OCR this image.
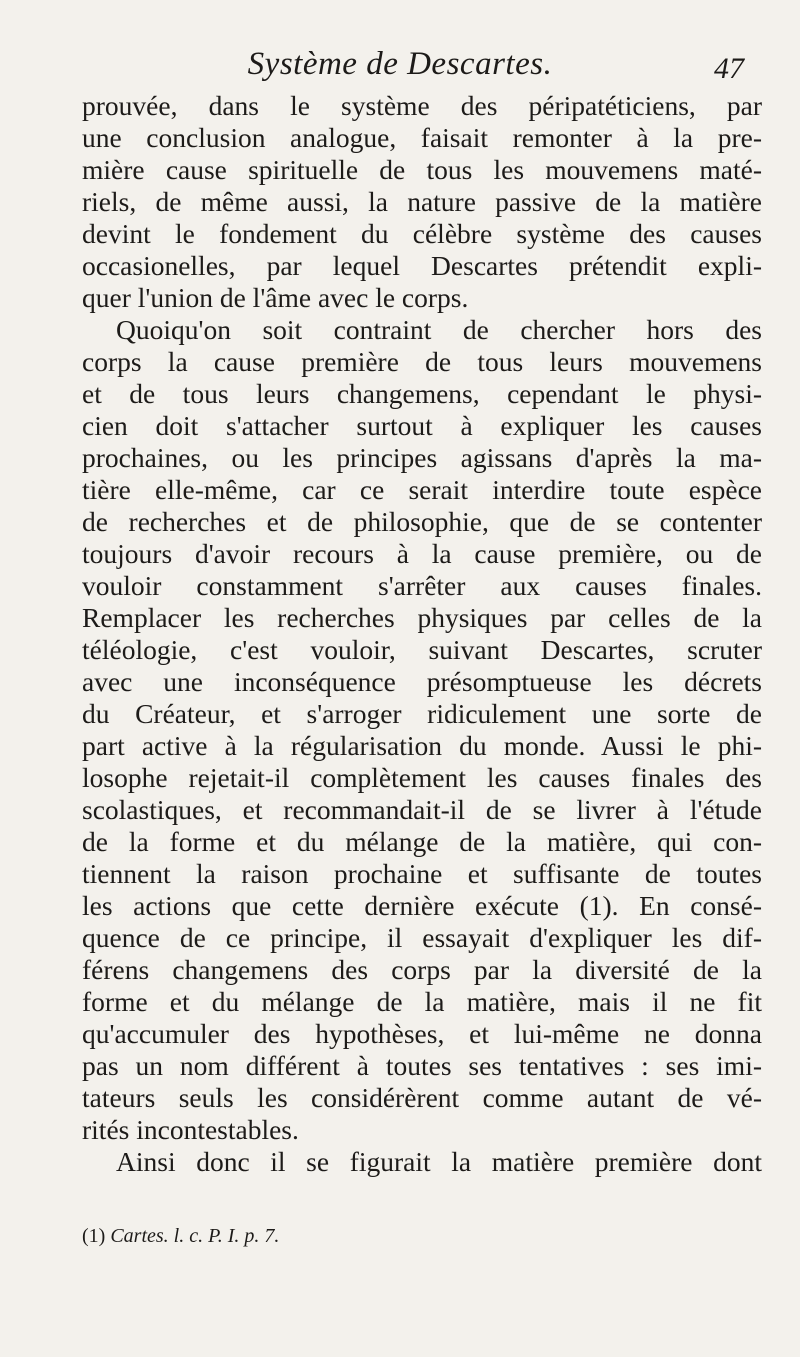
Système de Descartes.	47
prouvée, dans le système des péripatéticiens, par
une conclusion analogue, faisait remonter à la pre-
mière cause spirituelle de tous les mouvemens maté-
riels, de même aussi, la nature passive de la matière
devint le fondement du célèbre système des causes
occasionelles, par lequel Descartes prétendit expli-
quer l'union de l'âme avec le corps.
Quoiqu'on soit contraint de chercher hors des
corps la cause première de tous leurs mouvemens
et de tous leurs changemens, cependant le physi-
cien doit s'attacher surtout à expliquer les causes
prochaines, ou les principes agissans d'après la ma-
tière elle-même, car ce serait interdire toute espèce
de recherches et de philosophie, que de se contenter
toujours d'avoir recours à la cause première, ou de
vouloir constamment s'arrêter aux causes finales.
Remplacer les recherches physiques par celles de la
téléologie, c'est vouloir, suivant Descartes, scruter
avec une inconséquence présomptueuse les décrets
du Créateur, et s'arroger ridiculement une sorte de
part active à la régularisation du monde. Aussi le phi-
losophe rejetait-il complètement les causes finales des
scolastiques, et recommandait-il de se livrer à l'étude
de la forme et du mélange de la matière, qui con-
tiennent la raison prochaine et suffisante de toutes
les actions que cette dernière exécute (1). En consé-
quence de ce principe, il essayait d'expliquer les dif-
férens changemens des corps par la diversité de la
forme et du mélange de la matière, mais il ne fit
qu'accumuler des hypothèses, et lui-même ne donna
pas un nom différent à toutes ses tentatives : ses imi-
tateurs seuls les considérèrent comme autant de vé-
rités incontestables.
Ainsi donc il se figurait la matière première dont
(1) Cartes. l. c. P. I. p. 7.
